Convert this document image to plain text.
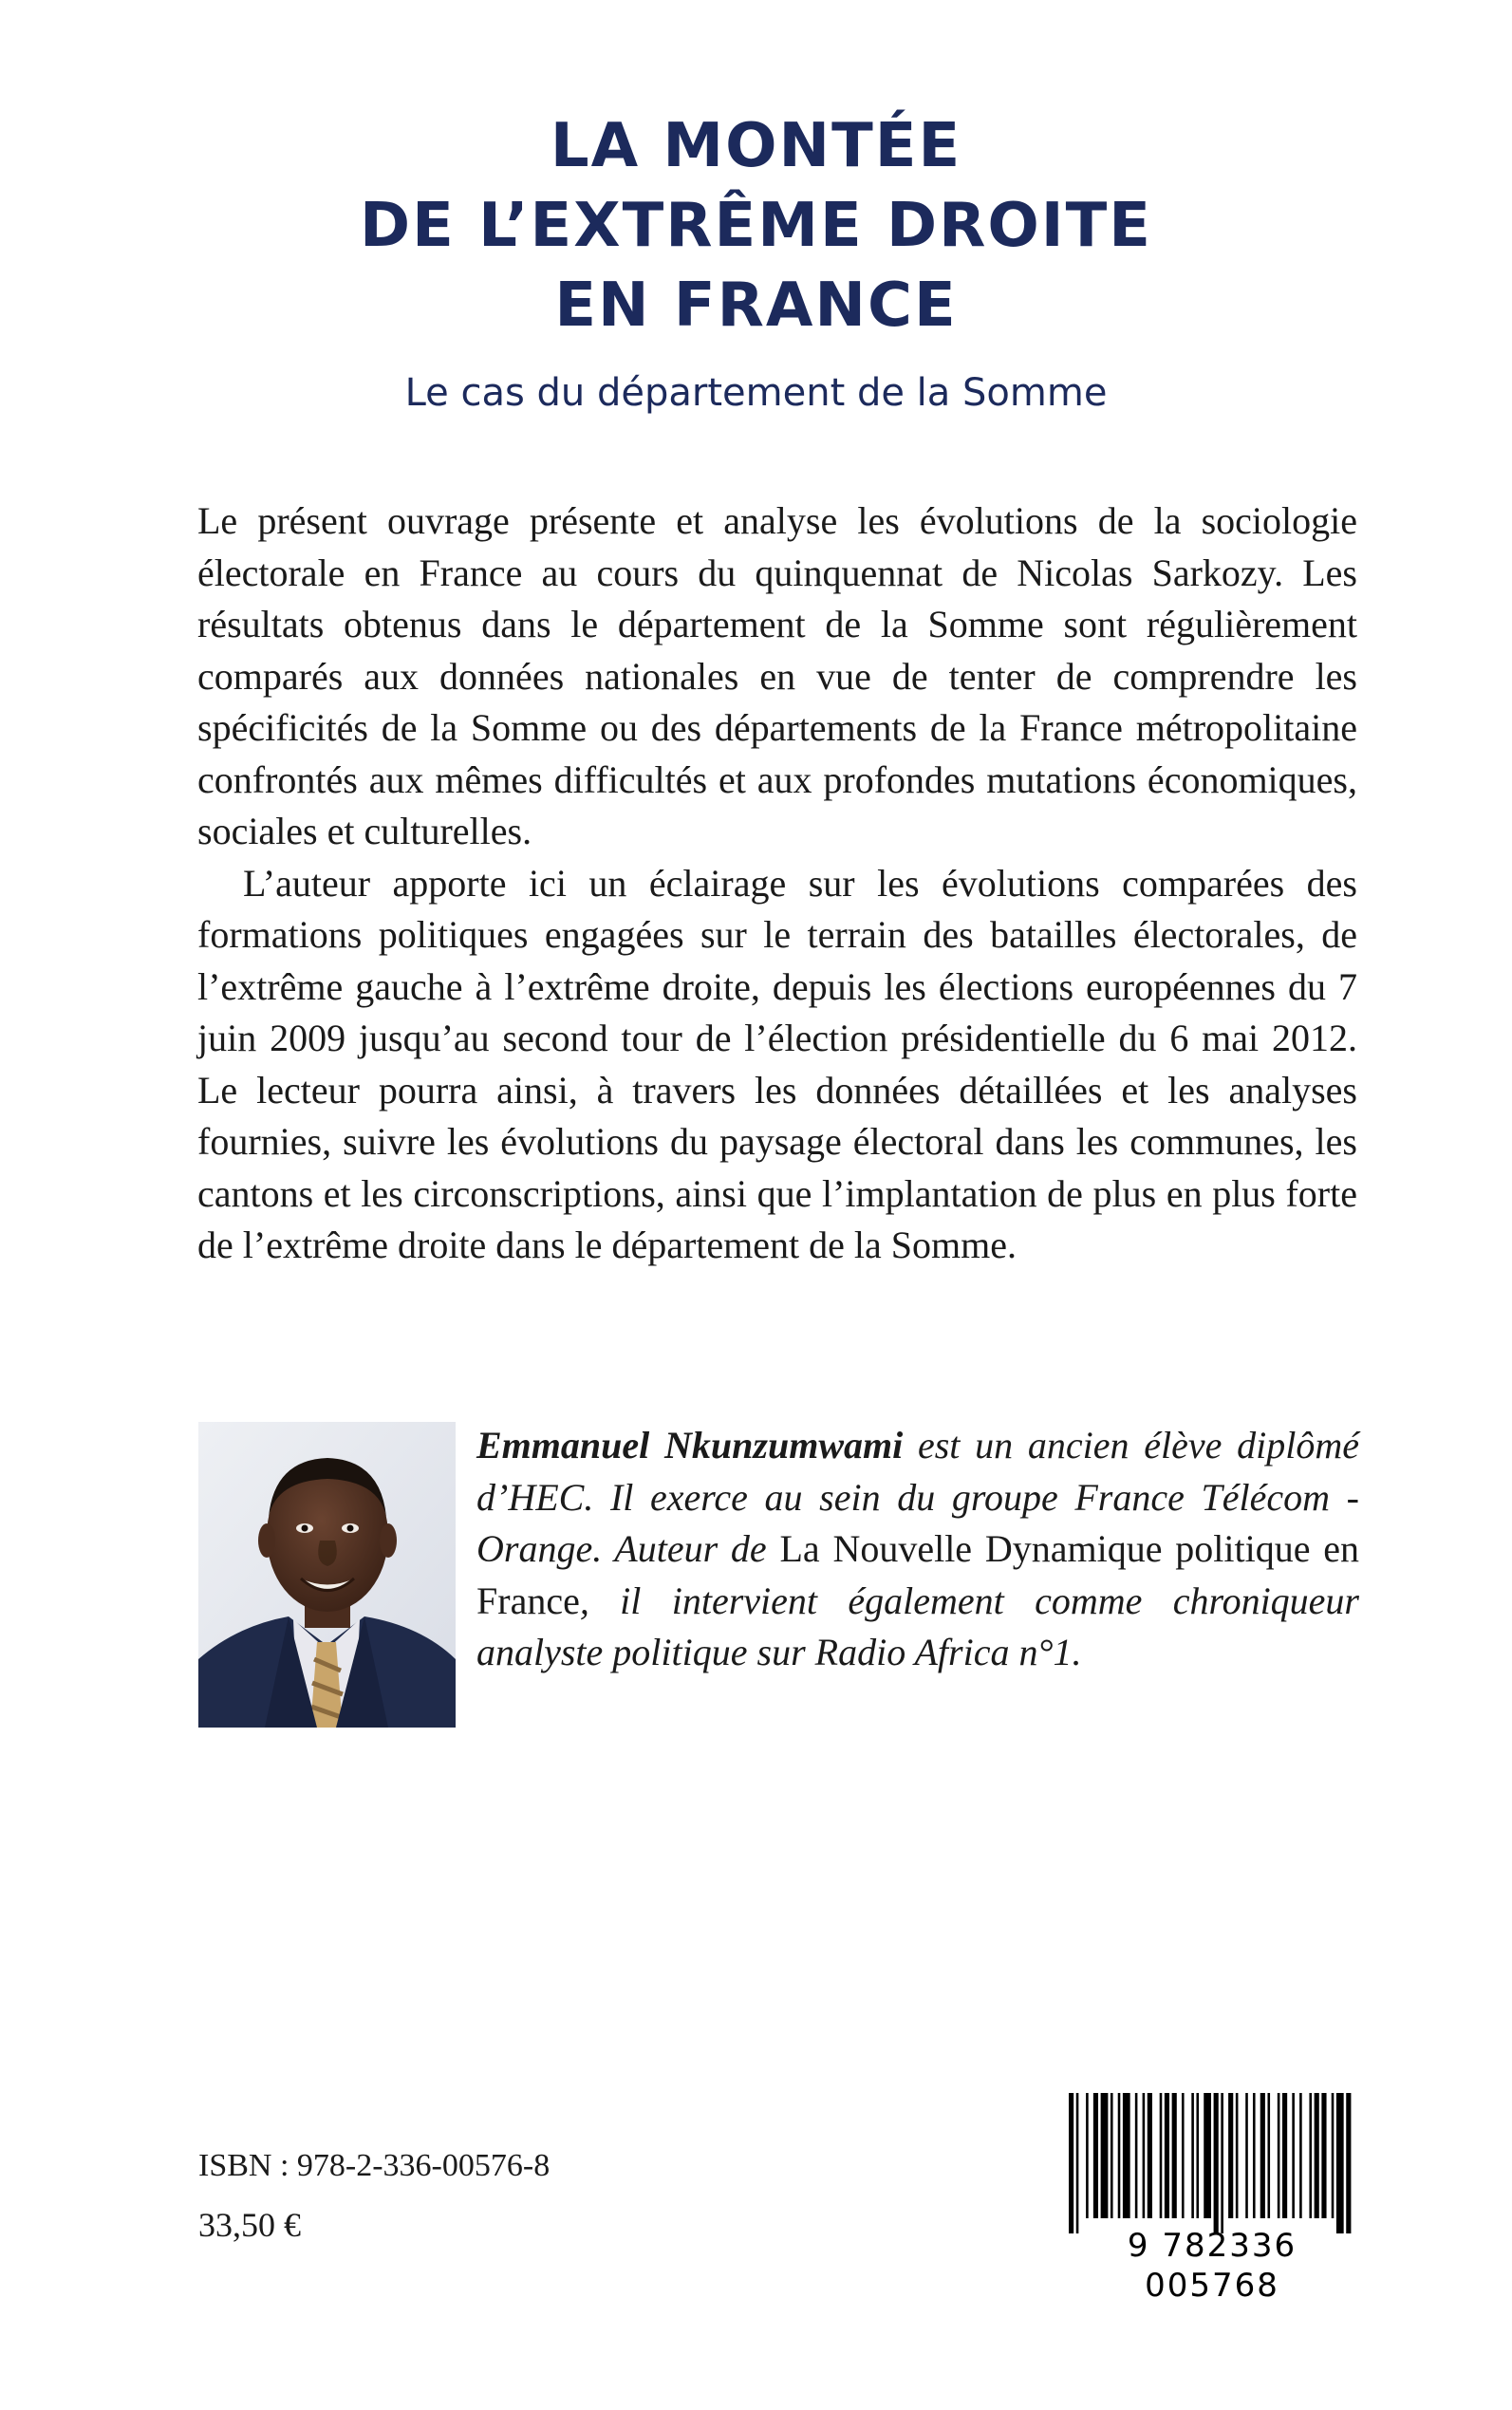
LA MONTÉE
DE L’EXTRÊME DROITE
EN FRANCE
Le cas du département de la Somme

Le présent ouvrage présente et analyse les évolutions de la sociologie électorale en France au cours du quinquennat de Nicolas Sarkozy. Les résultats obtenus dans le département de la Somme sont régulièrement comparés aux données nationales en vue de tenter de comprendre les spécificités de la Somme ou des départements de la France métropolitaine confrontés aux mêmes difficultés et aux profondes mutations économiques, sociales et culturelles.

L’auteur apporte ici un éclairage sur les évolutions comparées des formations politiques engagées sur le terrain des batailles électorales, de l’extrême gauche à l’extrême droite, depuis les élections européennes du 7 juin 2009 jusqu’au second tour de l’élection présidentielle du 6 mai 2012. Le lecteur pourra ainsi, à travers les données détaillées et les analyses fournies, suivre les évolutions du paysage électoral dans les communes, les cantons et les circonscriptions, ainsi que l’implantation de plus en plus forte de l’extrême droite dans le département de la Somme.

Emmanuel Nkunzumwami est un ancien élève diplômé d’HEC. Il exerce au sein du groupe France Télécom - Orange. Auteur de La Nouvelle Dynamique politique en France, il intervient également comme chroniqueur analyste politique sur Radio Africa n°1.
ISBN : 978-2-336-00576-8
33,50 €
9 782336 005768
